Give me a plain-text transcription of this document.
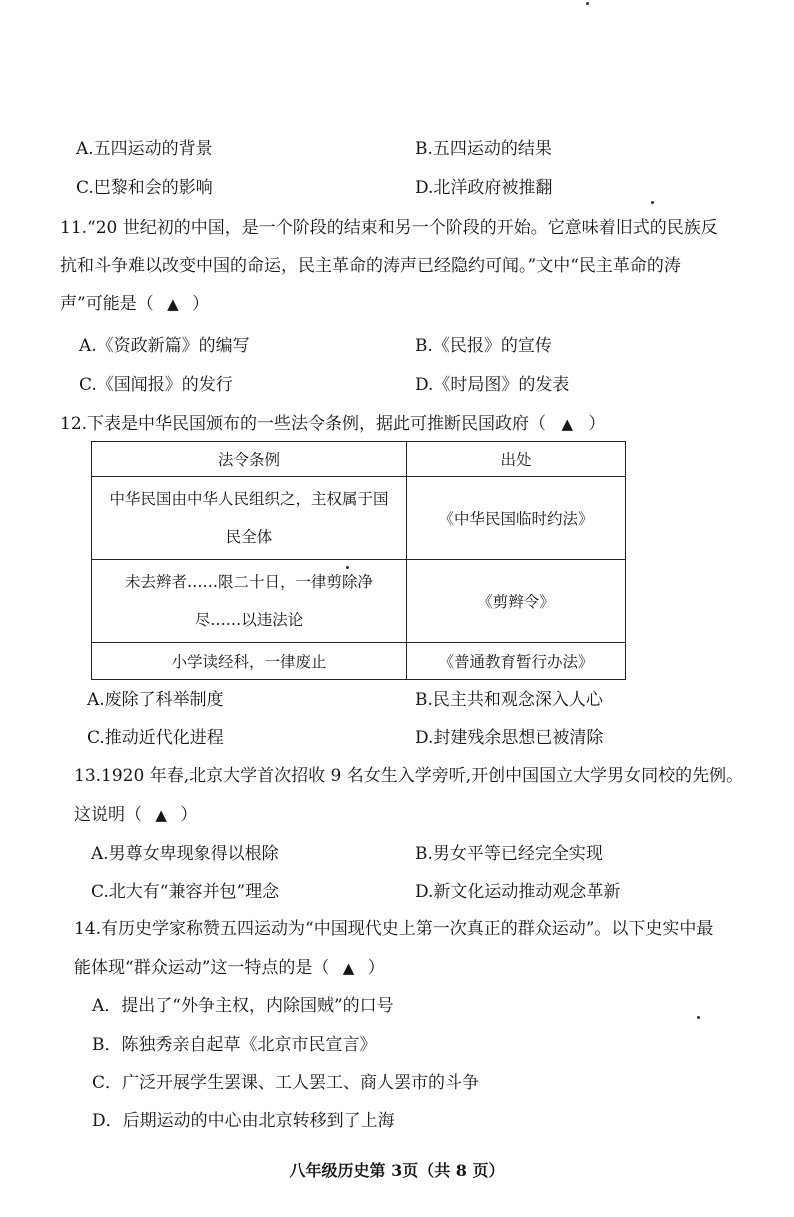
A.五四运动的背景	B.五四运动的结果
C.巴黎和会的影响	D.北洋政府被推翻
11.“20 世纪初的中国，是一个阶段的结束和另一个阶段的开始。它意味着旧式的民族反
抗和斗争难以改变中国的命运，民主革命的涛声已经隐约可闻。”文中“民主革命的涛
声”可能是（ ▲ ）
A.《资政新篇》的编写	B.《民报》的宣传
C.《国闻报》的发行	D.《时局图》的发表
12.下表是中华民国颁布的一些法令条例，据此可推断民国政府（ ▲ ）
法令条例	出处

中华民国由中华人民组织之，主权属于国民全体	《中华民国临时约法》

未去辫者……限二十日，一律剪除净尽……以违法论	《剪辫令》
小学读经科，一律废止	《普通教育暂行办法》
A.废除了科举制度	B.民主共和观念深入人心
C.推动近代化进程	D.封建残余思想已被清除
13.1920 年春,北京大学首次招收 9 名女生入学旁听,开创中国国立大学男女同校的先例。
这说明（ ▲ ）
A.男尊女卑现象得以根除	B.男女平等已经完全实现
C.北大有“兼容并包”理念	D.新文化运动推动观念革新
14.有历史学家称赞五四运动为“中国现代史上第一次真正的群众运动”。以下史实中最
能体现“群众运动”这一特点的是（ ▲ ）
A．提出了“外争主权，内除国贼”的口号
B．陈独秀亲自起草《北京市民宣言》
C．广泛开展学生罢课、工人罢工、商人罢市的斗争
D．后期运动的中心由北京转移到了上海
八年级历史第 3页（共 8 页）
